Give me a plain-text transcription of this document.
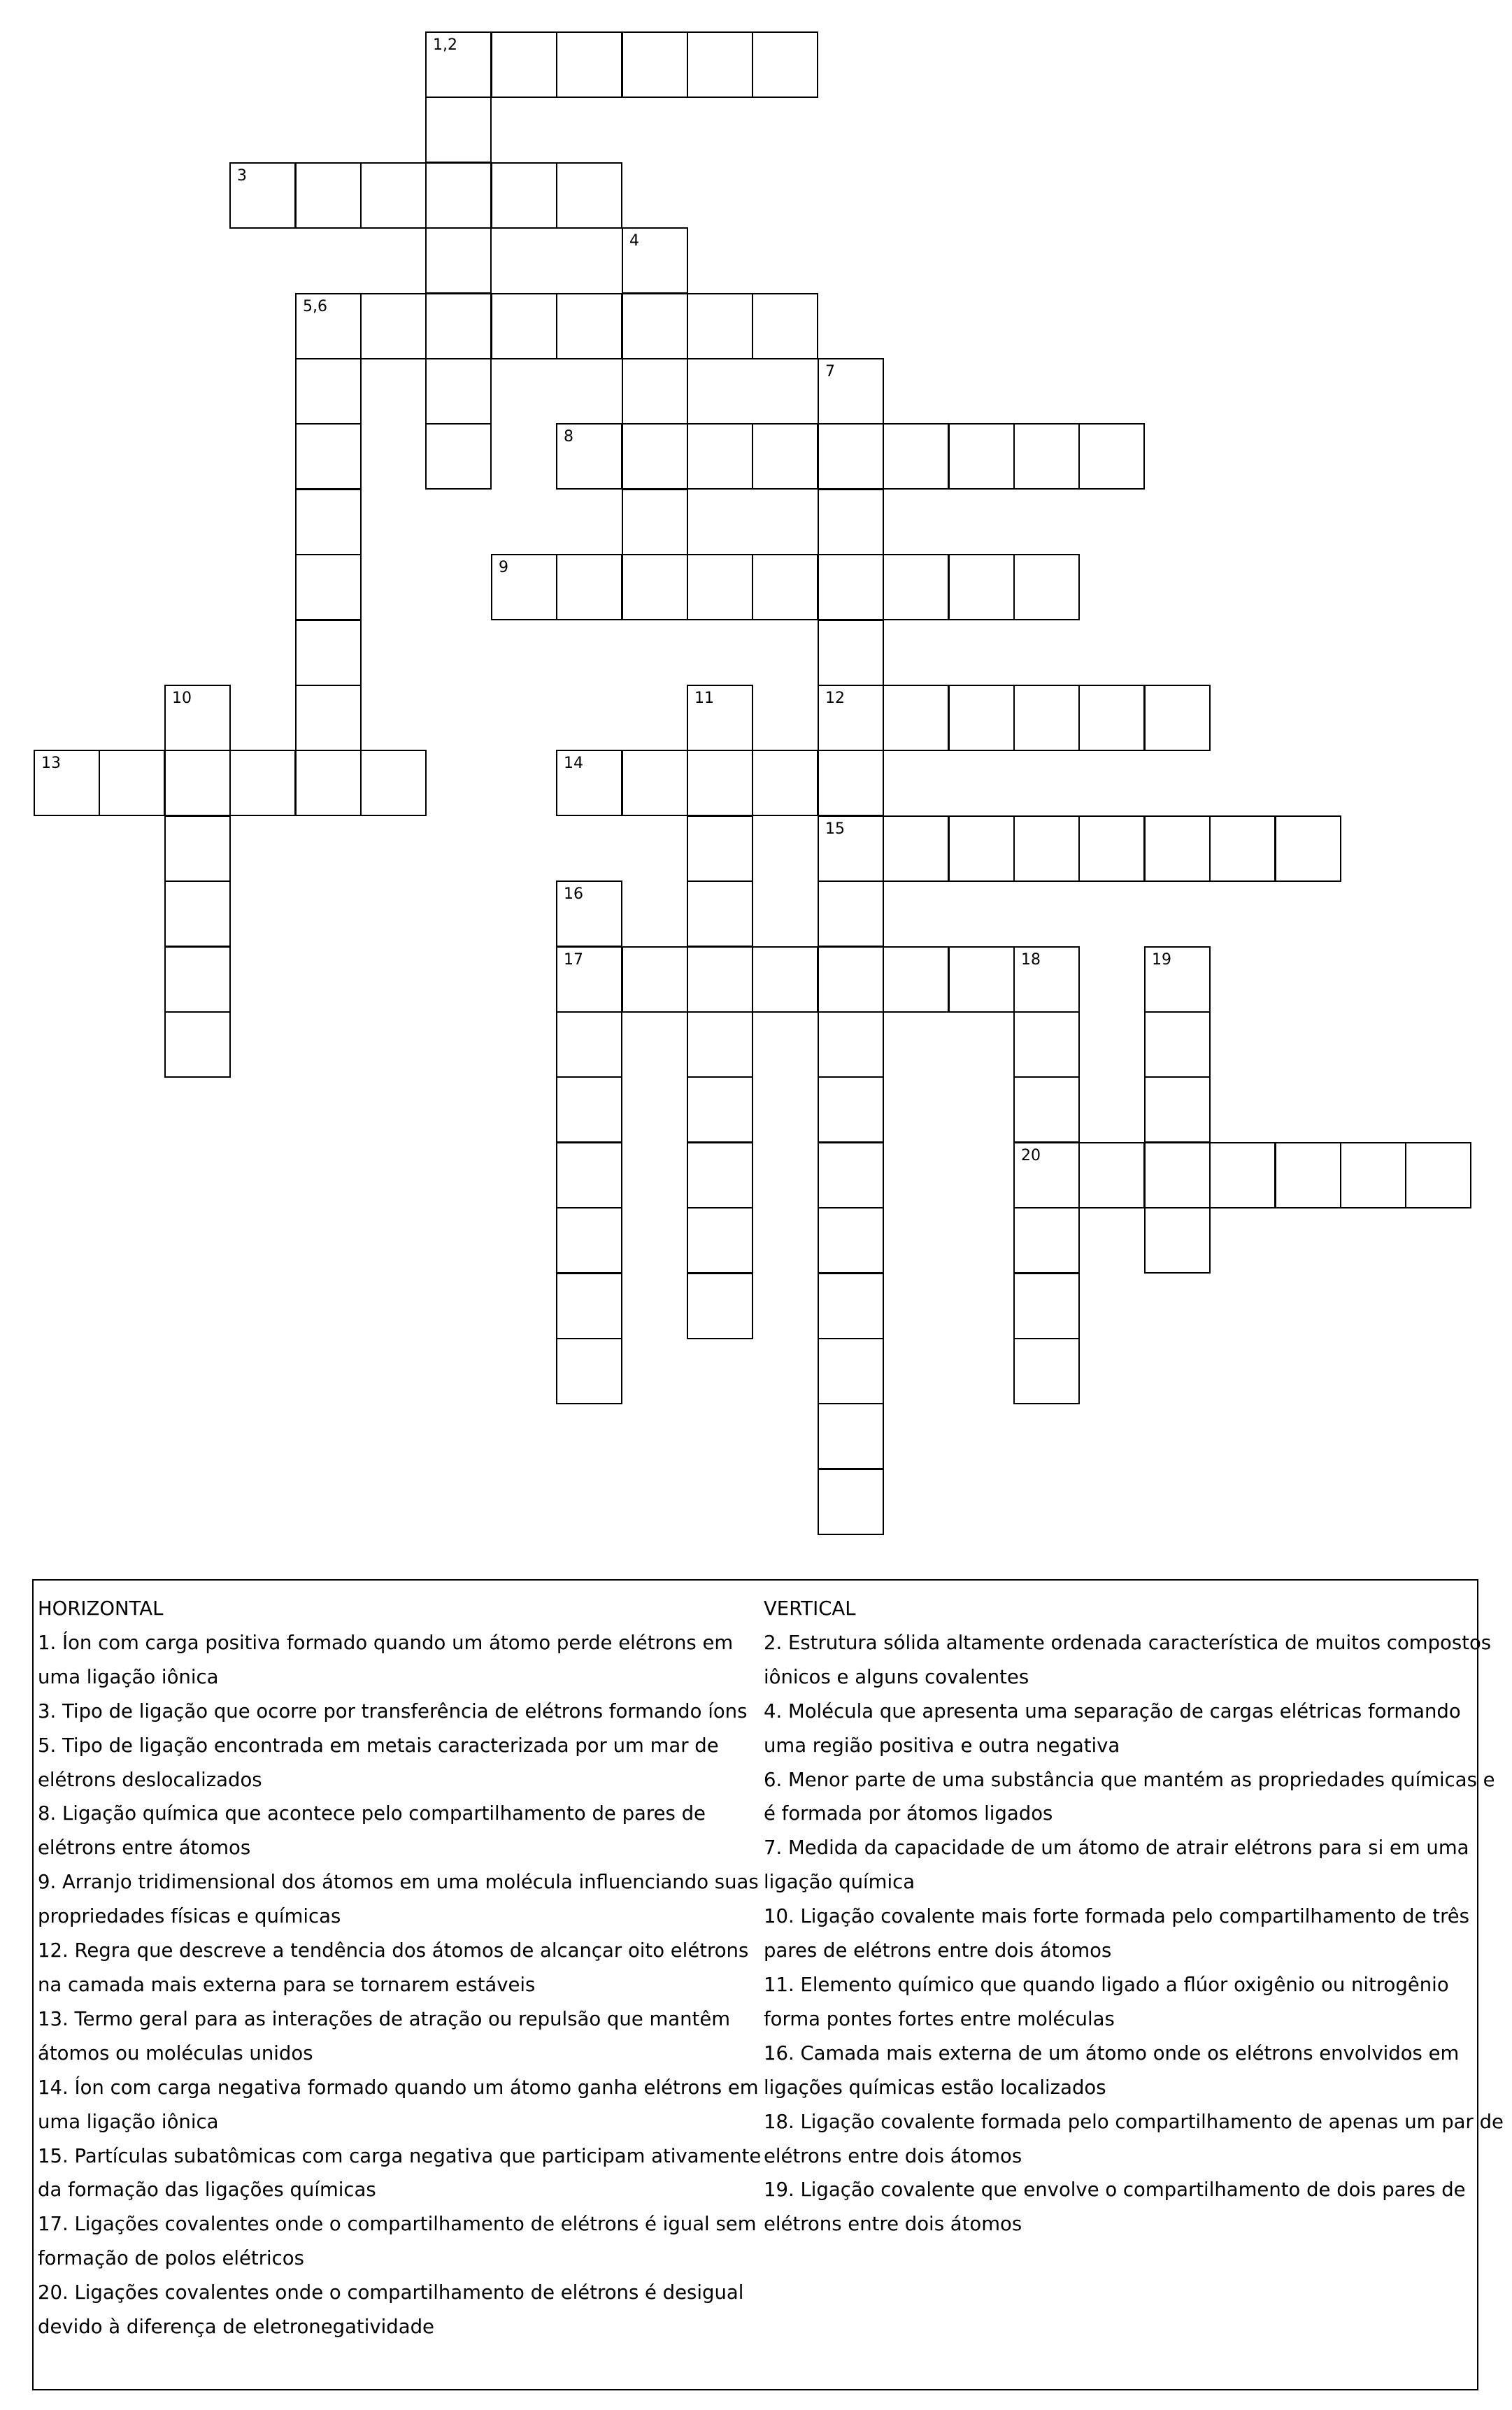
1,2
3
4
5,6
7
8
9
10	11	12
13	14
15
16
17	18	19
20
HORIZONTAL
1. Íon com carga positiva formado quando um átomo perde elétrons em
uma ligação iônica
3. Tipo de ligação que ocorre por transferência de elétrons formando íons
5. Tipo de ligação encontrada em metais caracterizada por um mar de
elétrons deslocalizados
8. Ligação química que acontece pelo compartilhamento de pares de
elétrons entre átomos
9. Arranjo tridimensional dos átomos em uma molécula influenciando suas
propriedades físicas e químicas
12. Regra que descreve a tendência dos átomos de alcançar oito elétrons
na camada mais externa para se tornarem estáveis
13. Termo geral para as interações de atração ou repulsão que mantêm
átomos ou moléculas unidos
14. Íon com carga negativa formado quando um átomo ganha elétrons em
uma ligação iônica
15. Partículas subatômicas com carga negativa que participam ativamente
da formação das ligações químicas
17. Ligações covalentes onde o compartilhamento de elétrons é igual sem
formação de polos elétricos
20. Ligações covalentes onde o compartilhamento de elétrons é desigual
devido à diferença de eletronegatividade
VERTICAL
2. Estrutura sólida altamente ordenada característica de muitos compostos
iônicos e alguns covalentes
4. Molécula que apresenta uma separação de cargas elétricas formando
uma região positiva e outra negativa
6. Menor parte de uma substância que mantém as propriedades químicas e
é formada por átomos ligados
7. Medida da capacidade de um átomo de atrair elétrons para si em uma
ligação química
10. Ligação covalente mais forte formada pelo compartilhamento de três
pares de elétrons entre dois átomos
11. Elemento químico que quando ligado a flúor oxigênio ou nitrogênio
forma pontes fortes entre moléculas
16. Camada mais externa de um átomo onde os elétrons envolvidos em
ligações químicas estão localizados
18. Ligação covalente formada pelo compartilhamento de apenas um par de
elétrons entre dois átomos
19. Ligação covalente que envolve o compartilhamento de dois pares de
elétrons entre dois átomos
